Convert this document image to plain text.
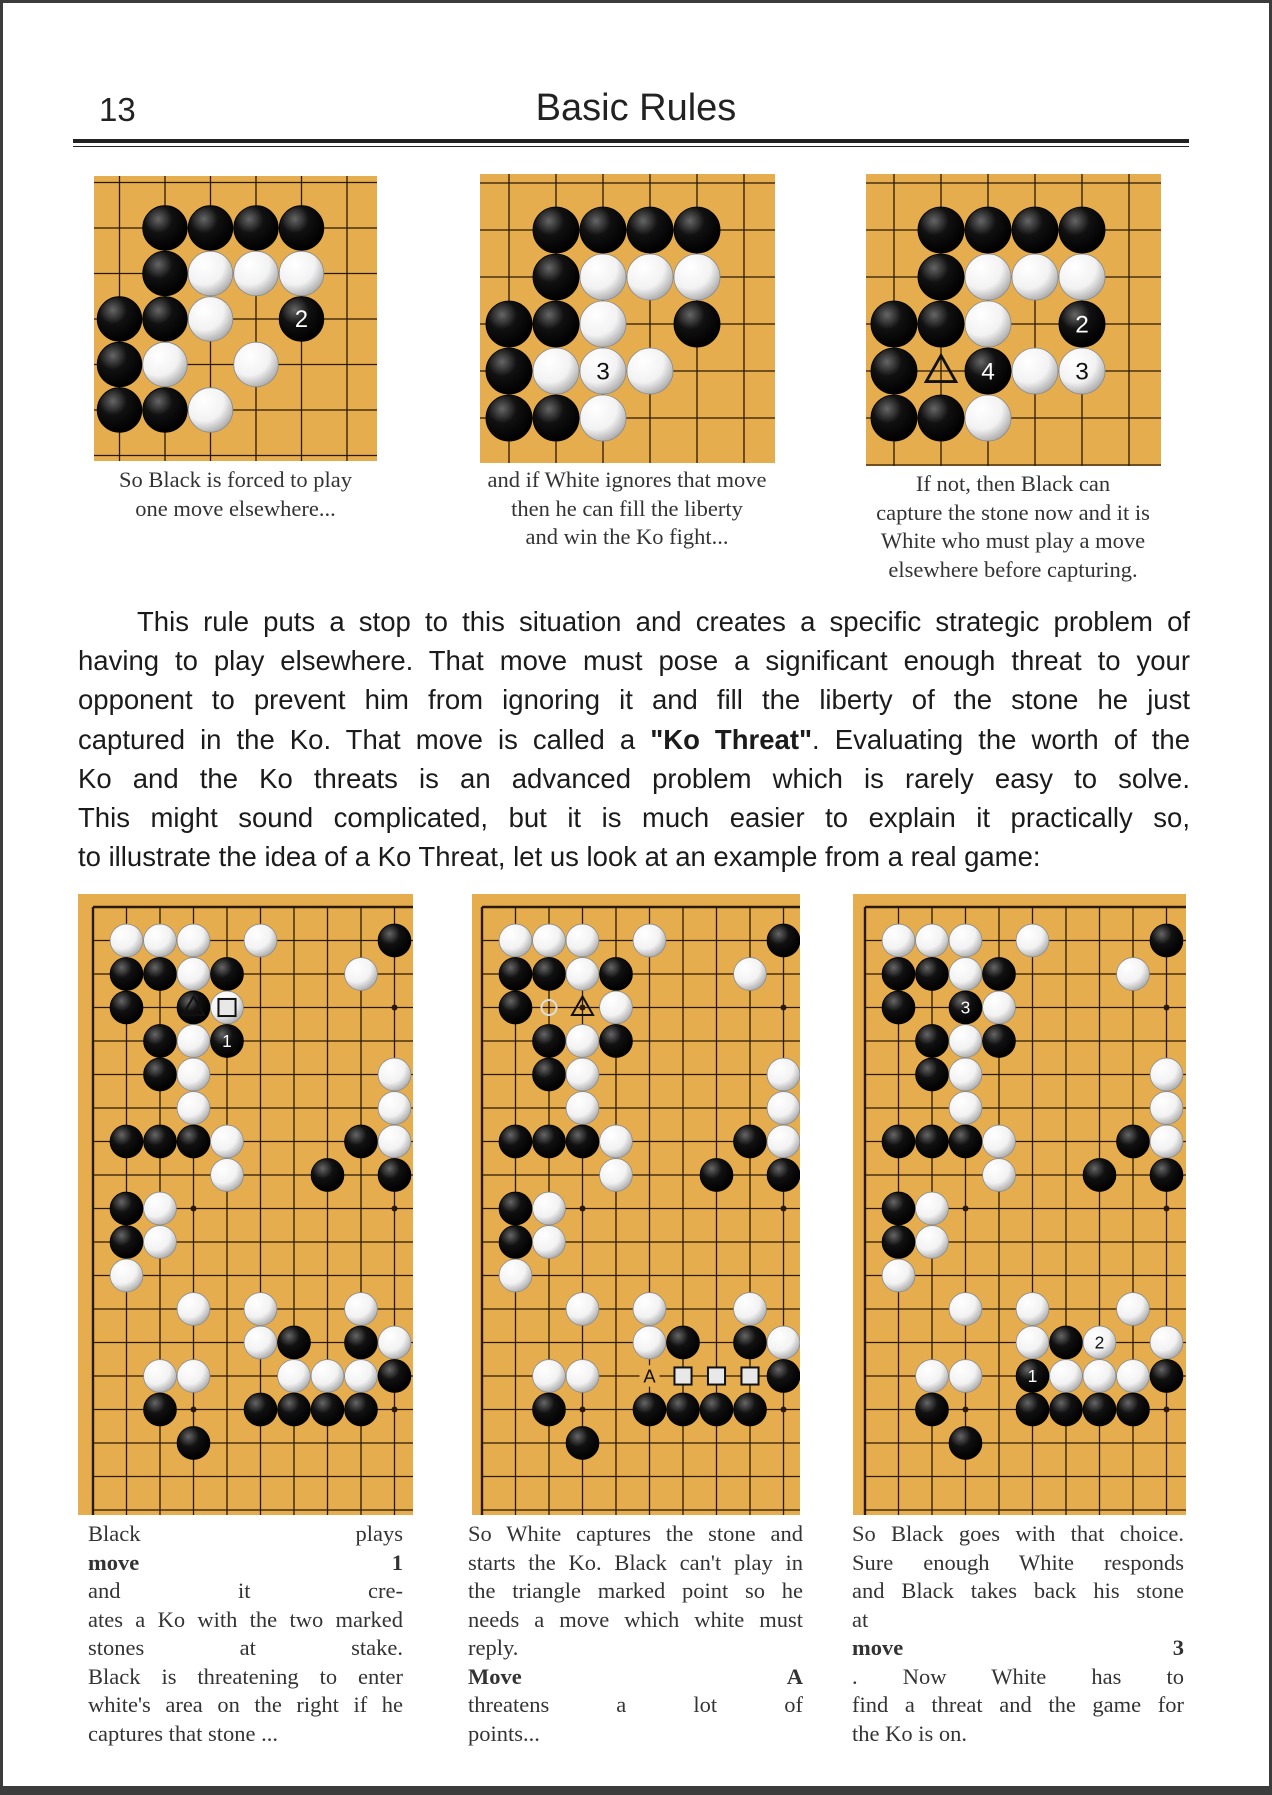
13	Basic Rules
2
3
2
4	3
So Black is forced to play
one move elsewhere...
and if White ignores that move
then he can fill the liberty
and win the Ko fight...
If not, then Black can
capture the stone now and it is
White who must play a move
elsewhere before capturing.
This rule puts a stop to this situation and creates a specific strategic problem of
having to play elsewhere. That move must pose a significant enough threat to your
opponent to prevent him from ignoring it and fill the liberty of the stone he just
captured in the Ko. That move is called a "Ko Threat". Evaluating the worth of the
Ko and the Ko threats is an advanced problem which is rarely easy to solve.
This might sound complicated, but it is much easier to explain it practically so,
to illustrate the idea of a Ko Threat, let us look at an example from a real game:
1
A
3
2
1
Black plays
move 1
and it cre-
ates a Ko with the two marked
stones at stake.
Black is threatening to enter
white's area on the right if he
captures that stone ...
So White captures the stone and
starts the Ko. Black can't play in
the triangle marked point so he
needs a move which white must
reply.
Move A
threatens a lot of
points...
So Black goes with that choice.
Sure enough White responds
and Black takes back his stone
at
move 3
. Now White has to
find a threat and the game for
the Ko is on.
